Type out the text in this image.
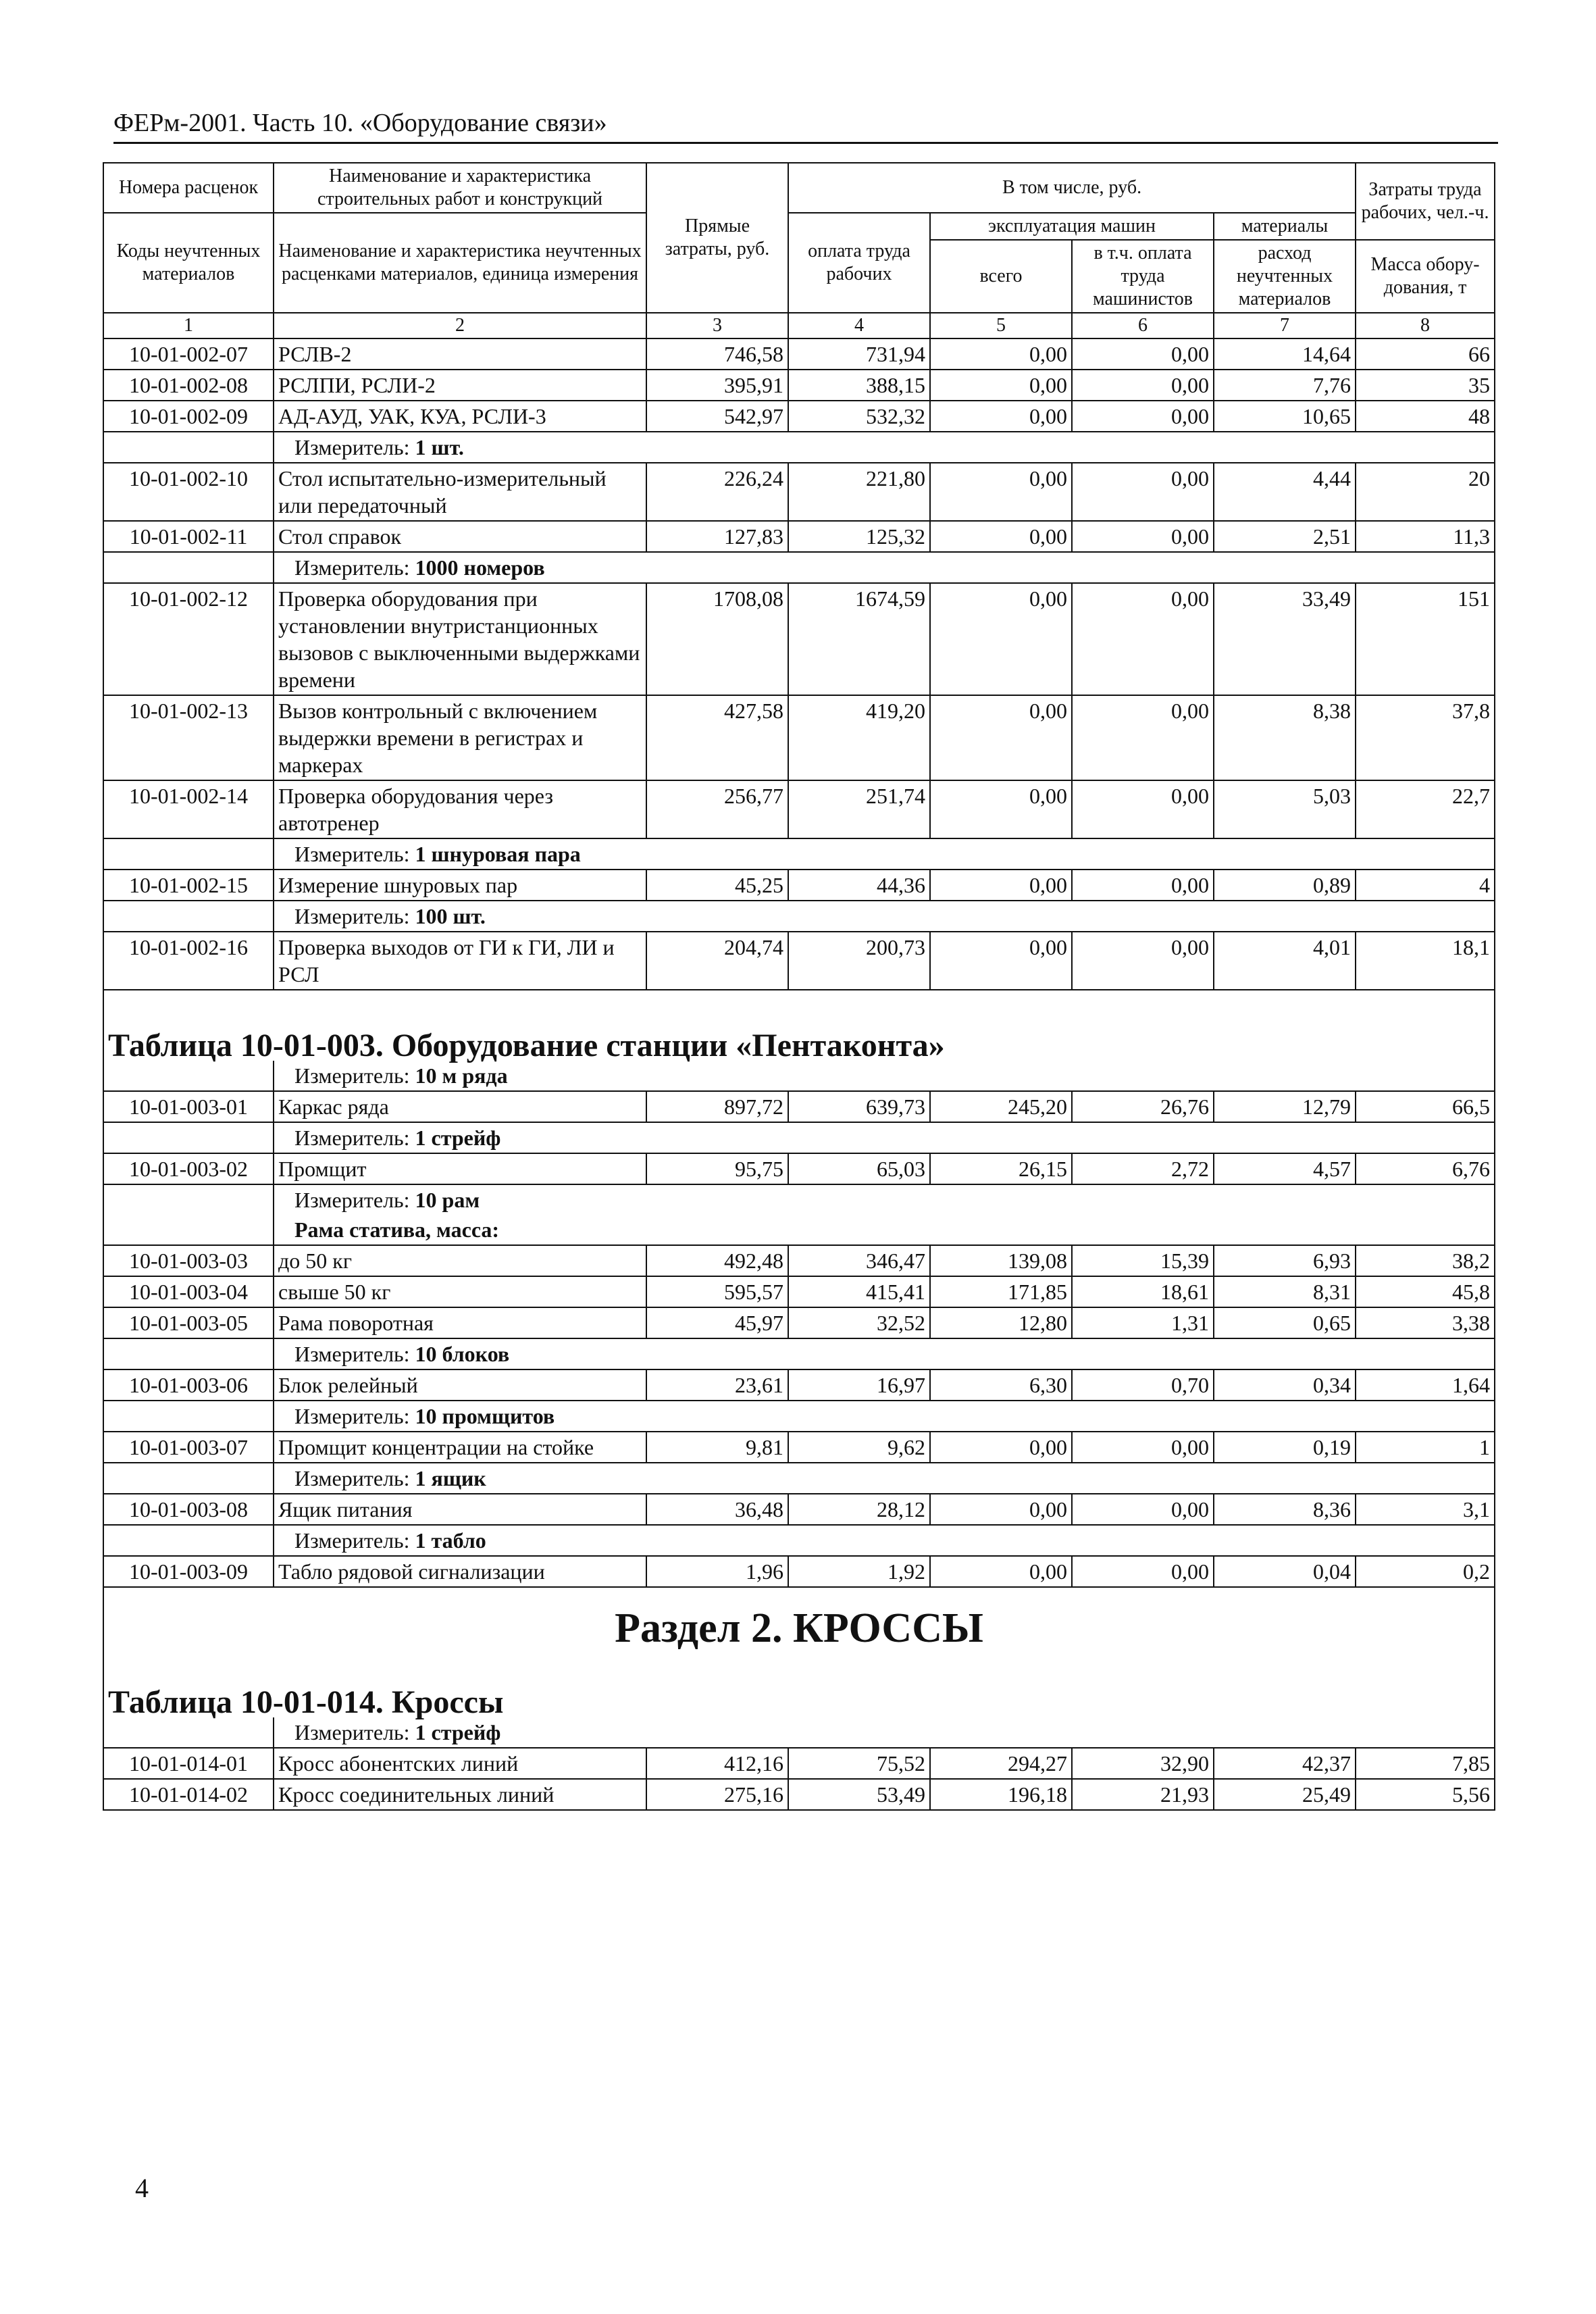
ФЕРм-2001. Часть 10. «Оборудование связи»
Номера расценок	Наименование и характеристика строительных работ и конструкций	Прямые затраты, руб.	В том числе, руб.				Затраты труда рабочих, чел.-ч.
Коды неучтенных материалов	Наименование и характеристика неучтенных расценками материалов, единица измерения		оплата труда рабочих	эксплуатация машин		материалы	
				всего	в т.ч. оплата труда машинистов	расход неучтенных материалов	
							Масса обору-дования, т
1	2	3	4	5	6	7	8
10-01-002-07	РСЛВ-2	746,58	731,94	0,00	0,00	14,64	66
10-01-002-08	РСЛПИ, РСЛИ-2	395,91	388,15	0,00	0,00	7,76	35
10-01-002-09	АД-АУД, УАК, КУА, РСЛИ-3	542,97	532,32	0,00	0,00	10,65	48
	Измеритель: 1 шт.						
10-01-002-10	Стол испытательно-измерительный или передаточный	226,24	221,80	0,00	0,00	4,44	20
10-01-002-11	Стол справок	127,83	125,32	0,00	0,00	2,51	11,3
	Измеритель: 1000 номеров						
10-01-002-12	Проверка оборудования при установлении внутристанционных вызовов с выключенными выдержками времени	1708,08	1674,59	0,00	0,00	33,49	151
10-01-002-13	Вызов контрольный с включением выдержки времени в регистрах и маркерах	427,58	419,20	0,00	0,00	8,38	37,8
10-01-002-14	Проверка оборудования через автотренер	256,77	251,74	0,00	0,00	5,03	22,7
	Измеритель: 1 шнуровая пара						
10-01-002-15	Измерение шнуровых пар	45,25	44,36	0,00	0,00	0,89	4
	Измеритель: 100 шт.						
10-01-002-16	Проверка выходов от ГИ к ГИ, ЛИ и РСЛ	204,74	200,73	0,00	0,00	4,01	18,1

Таблица 10-01-003. Оборудование станции «Пентаконта»							
	Измеритель: 10 м ряда						
10-01-003-01	Каркас ряда	897,72	639,73	245,20	26,76	12,79	66,5
	Измеритель: 1 стрейф						
10-01-003-02	Промщит	95,75	65,03	26,15	2,72	4,57	6,76
	Измеритель: 10 рам						
	Рама статива, масса:						
10-01-003-03	до 50 кг	492,48	346,47	139,08	15,39	6,93	38,2
10-01-003-04	свыше 50 кг	595,57	415,41	171,85	18,61	8,31	45,8
10-01-003-05	Рама поворотная	45,97	32,52	12,80	1,31	0,65	3,38
	Измеритель: 10 блоков						
10-01-003-06	Блок релейный	23,61	16,97	6,30	0,70	0,34	1,64
	Измеритель: 10 промщитов						
10-01-003-07	Промщит концентрации на стойке	9,81	9,62	0,00	0,00	0,19	1
	Измеритель: 1 ящик						
10-01-003-08	Ящик питания	36,48	28,12	0,00	0,00	8,36	3,1
	Измеритель: 1 табло						
10-01-003-09	Табло рядовой сигнализации	1,96	1,92	0,00	0,00	0,04	0,2
Раздел 2. КРОССЫ							
Таблица 10-01-014. Кроссы							
	Измеритель: 1 стрейф						
10-01-014-01	Кросс абонентских линий	412,16	75,52	294,27	32,90	42,37	7,85
10-01-014-02	Кросс соединительных линий	275,16	53,49	196,18	21,93	25,49	5,56
4
